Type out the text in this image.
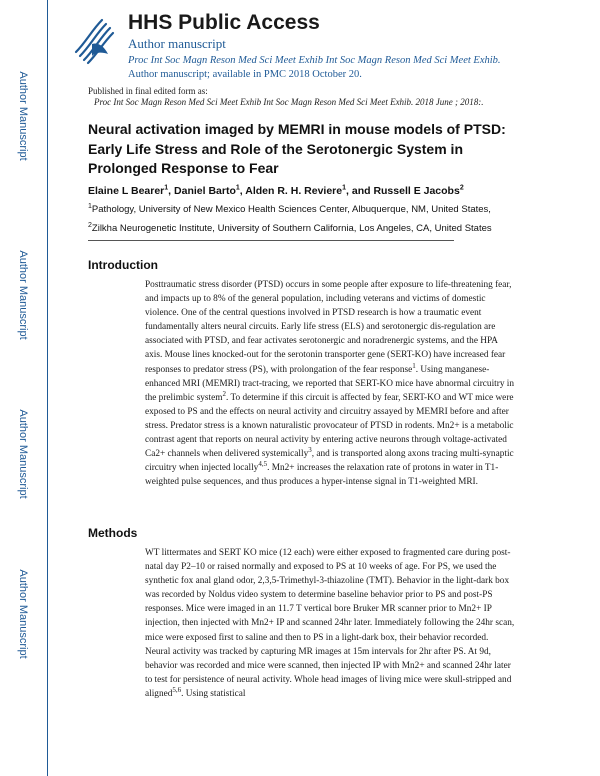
Author Manuscript
Author Manuscript
Author Manuscript
Author Manuscript
HHS Public Access
Author manuscript
Proc Int Soc Magn Reson Med Sci Meet Exhib Int Soc Magn Reson Med Sci Meet Exhib.
Author manuscript; available in PMC 2018 October 20.
Published in final edited form as:
Proc Int Soc Magn Reson Med Sci Meet Exhib Int Soc Magn Reson Med Sci Meet Exhib. 2018 June ; 2018:.
Neural activation imaged by MEMRI in mouse models of PTSD: Early Life Stress and Role of the Serotonergic System in Prolonged Response to Fear
Elaine L Bearer$^1$, Daniel Barto$^1$, Alden R. H. Reviere$^1$, and Russell E Jacobs$^2$
$^1$Pathology, University of New Mexico Health Sciences Center, Albuquerque, NM, United States,
$^2$Zilkha Neurogenetic Institute, University of Southern California, Los Angeles, CA, United States
Introduction

Posttraumatic stress disorder (PTSD) occurs in some people after exposure to life-threatening fear, and impacts up to 8% of the general population, including veterans and victims of domestic violence. One of the central questions involved in PTSD research is how a traumatic event fundamentally alters neural circuits. Early life stress (ELS) and serotonergic dis-regulation are associated with PTSD, and fear activates serotonergic and noradrenergic systems, and the HPA axis. Mouse lines knocked-out for the serotonin transporter gene (SERT-KO) have increased fear responses to predator stress (PS), with prolongation of the fear response$^1$. Using manganese-enhanced MRI (MEMRI) tract-tracing, we reported that SERT-KO mice have abnormal circuitry in the prelimbic system$^2$. To determine if this circuit is affected by fear, SERT-KO and WT mice were exposed to PS and the effects on neural activity and circuitry assayed by MEMRI before and after stress. Predator stress is a known naturalistic provocateur of PTSD in rodents. Mn2+ is a metabolic contrast agent that reports on neural activity by entering active neurons through voltage-activated Ca2+ channels when delivered systemically$^3$, and is transported along axons tracing multi-synaptic circuitry when injected locally$^{4,5}$. Mn2+ increases the relaxation rate of protons in water in T1-weighted pulse sequences, and thus produces a hyper-intense signal in T1-weighted MRI.

Methods

WT littermates and SERT KO mice (12 each) were either exposed to fragmented care during post-natal day P2–10 or raised normally and exposed to PS at 10 weeks of age. For PS, we used the synthetic fox anal gland odor, 2,3,5-Trimethyl-3-thiazoline (TMT). Behavior in the light-dark box was recorded by Noldus video system to determine baseline behavior prior to PS and post-PS responses. Mice were imaged in an 11.7 T vertical bore Bruker MR scanner prior to Mn2+ IP injection, then injected with Mn2+ IP and scanned 24hr later. Immediately following the 24hr scan, mice were exposed first to saline and then to PS in a light-dark box, their behavior recorded. Neural activity was tracked by capturing MR images at 15m intervals for 2hr after PS. At 9d, behavior was recorded and mice were scanned, then injected IP with Mn2+ and scanned 24hr later to test for persistence of neural activity. Whole head images of living mice were skull-stripped and aligned$^{5,6}$. Using statistical
